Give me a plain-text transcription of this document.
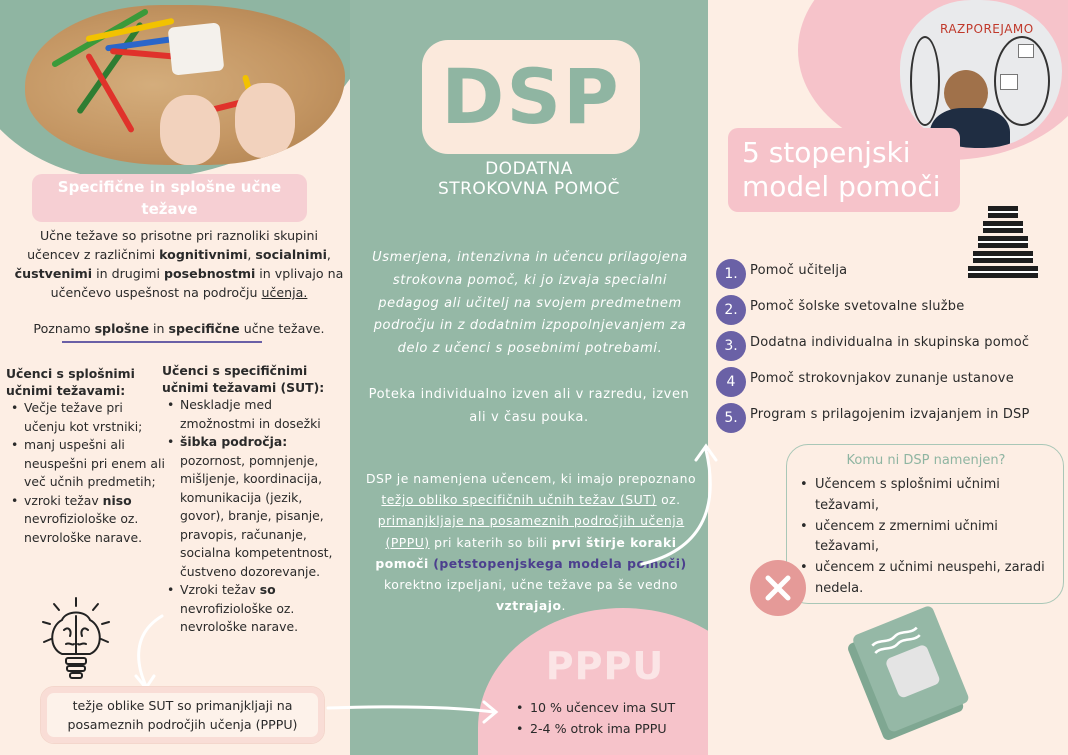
Specifične in splošne učne
težave
Učne težave so prisotne pri raznoliki skupini učencev z različnimi kognitivnimi, socialnimi, čustvenimi in drugimi posebnostmi in vplivajo na učenčevo uspešnost na področju učenja.
Poznamo splošne in specifične učne težave.
Učenci s splošnimi učnimi težavami:
• Večje težave pri učenju kot vrstniki;
• manj uspešni ali neuspešni pri enem ali več učnih predmetih;
• vzroki težav niso nevrofiziološke oz. nevrološke narave.
Učenci s specifičnimi učnimi težavami (SUT):
• Neskladje med zmožnostmi in dosežki
• šibka področja:
pozornost, pomnjenje, mišljenje, koordinacija, komunikacija (jezik, govor), branje, pisanje, pravopis, računanje, socialna kompetentnost, čustveno dozorevanje.
• Vzroki težav so nevrofiziološke oz. nevrološke narave.
težje oblike SUT so primanjkljaji na posameznih področjih učenja (PPPU)
DSP
DODATNA
STROKOVNA POMOČ
Usmerjena, intenzivna in učencu prilagojena strokovna pomoč, ki jo izvaja specialni pedagog ali učitelj na svojem predmetnem področju in z dodatnim izpopolnjevanjem za delo z učenci s posebnimi potrebami.
Poteka individualno izven ali v razredu, izven ali v času pouka.
DSP je namenjena učencem, ki imajo prepoznano težjo obliko specifičnih učnih težav (SUT) oz. primanjkljaje na posameznih področjih učenja (PPPU) pri katerih so bili prvi štirje koraki pomoči (petstopenjskega modela pomoči) korektno izpeljani, učne težave pa še vedno vztrajajo.
PPPU
• 10 % učencev ima SUT
• 2-4 % otrok ima PPPU
RAZPOREJAMO
5 stopenjski
model pomoči
1. Pomoč učitelja
2. Pomoč šolske svetovalne službe
3. Dodatna individualna in skupinska pomoč
4	Pomoč strokovnjakov zunanje ustanove
5. Program s prilagojenim izvajanjem in DSP
Komu ni DSP namenjen?
• Učencem s splošnimi učnimi težavami,
• učencem z zmernimi učnimi težavami,
• učencem z učnimi neuspehi, zaradi nedela.
